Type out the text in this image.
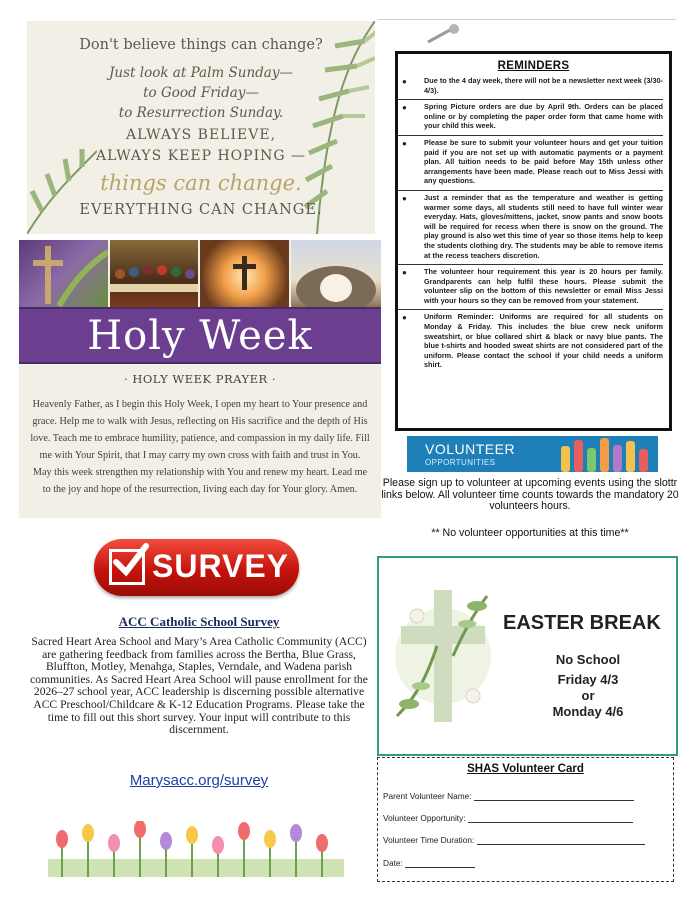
Don't believe things can change?
Just look at Palm Sunday—
to Good Friday—
to Resurrection Sunday.
ALWAYS BELIEVE,
ALWAYS KEEP HOPING —
things can change.
EVERYTHING CAN CHANGE.
Holy Week
· HOLY WEEK PRAYER ·
Heavenly Father, as I begin this Holy Week, I open my heart to Your presence and grace. Help me to walk with Jesus, reflecting on His sacrifice and the depth of His love. Teach me to embrace humility, patience, and compassion in my daily life. Fill me with Your Spirit, that I may carry my own cross with faith and trust in You. May this week strengthen my relationship with You and renew my heart. Lead me to the joy and hope of the resurrection, living each day for Your glory. Amen.
REMINDERS
● Due to the 4 day week, there will not be a newsletter next week (3/30-4/3).
● Spring Picture orders are due by April 9th. Orders can be placed online or by completing the paper order form that came home with your child this week.
● Please be sure to submit your volunteer hours and get your tuition paid if you are not set up with automatic payments or a payment plan. All tuition needs to be paid before May 15th unless other arrangements have been made. Please reach out to Miss Jessi with any questions.
● Just a reminder that as the temperature and weather is getting warmer some days, all students still need to have full winter wear everyday. Hats, gloves/mittens, jacket, snow pants and snow boots will be required for recess when there is snow on the ground. The play ground is also wet this time of year so those items help to keep the students clothing dry. The students may be able to remove items at the recess teachers discretion.
● The volunteer hour requirement this year is 20 hours per family. Grandparents can help fulfil these hours. Please submit the volunteer slip on the bottom of this newsletter or email Miss Jessi with your hours so they can be removed from your statement.
● Uniform Reminder: Uniforms are required for all students on Monday & Friday. This includes the blue crew neck uniform sweatshirt, or blue collared shirt & black or navy blue pants. The blue t-shirts and hooded sweat shirts are not considered part of the uniform. Please contact the school if your child needs a uniform shirt.
VOLUNTEER
OPPORTUNITIES
Please sign up to volunteer at upcoming events using the slottr links below. All volunteer time counts towards the mandatory 20 volunteers hours.
** No volunteer opportunities at this time**
SURVEY
ACC Catholic School Survey
Sacred Heart Area School and Mary’s Area Catholic Community (ACC) are gathering feedback from families across the Bertha, Blue Grass, Bluffton, Motley, Menahga, Staples, Verndale, and Wadena parish communities. As Sacred Heart Area School will pause enrollment for the 2026–27 school year, ACC leadership is discerning possible alternative ACC Preschool/Childcare & K-12 Education Programs. Please take the time to fill out this short survey. Your input will contribute to this discernment.
Marysacc.org/survey
EASTER BREAK
No School
Friday 4/3
or
Monday 4/6
SHAS Volunteer Card
Parent Volunteer Name:
Volunteer Opportunity:
Volunteer Time Duration:
Date:
